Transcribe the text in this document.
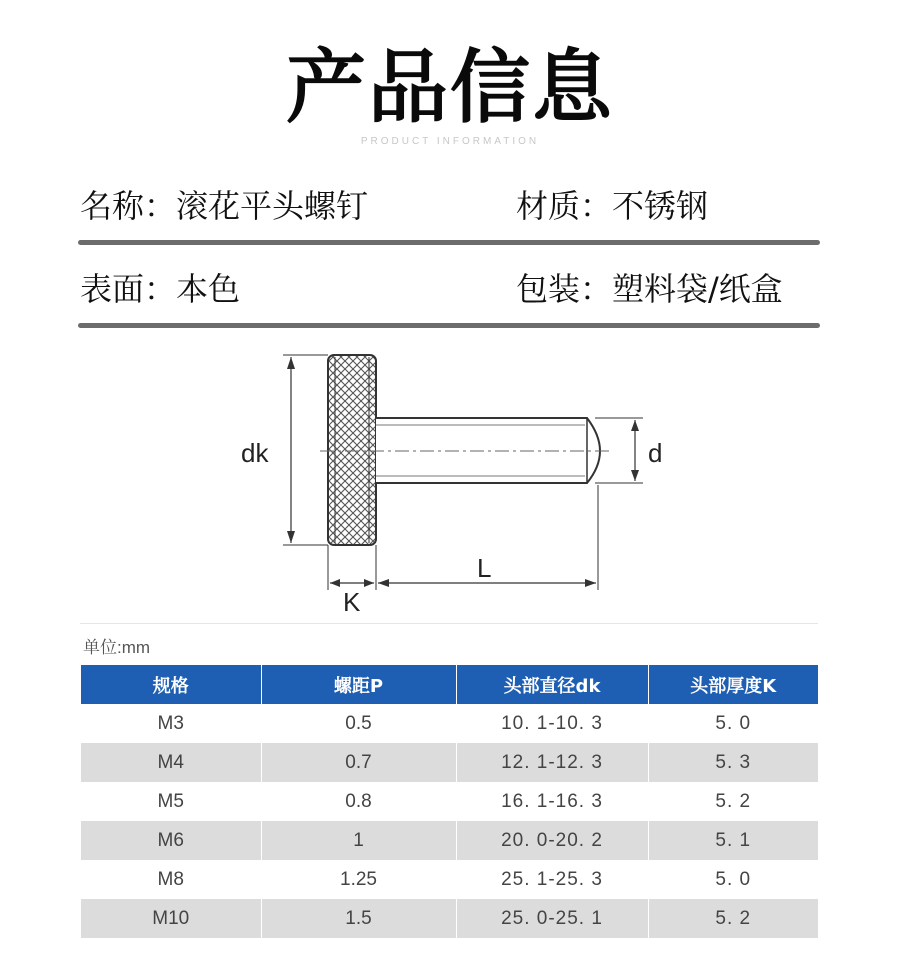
产品信息
PRODUCT INFORMATION
名称：滚花平头螺钉	材质：不锈钢
表面：本色	包装：塑料袋/纸盒
dk	d
L
K
单位:mm
规格	螺距P	头部直径dk	头部厚度K
M3	0.5	10. 1-10. 3	5. 0
M4	0.7	12. 1-12. 3	5. 3
M5	0.8	16. 1-16. 3	5. 2
M6	1	20. 0-20. 2	5. 1
M8	1.25	25. 1-25. 3	5. 0
M10	1.5	25. 0-25. 1	5. 2
